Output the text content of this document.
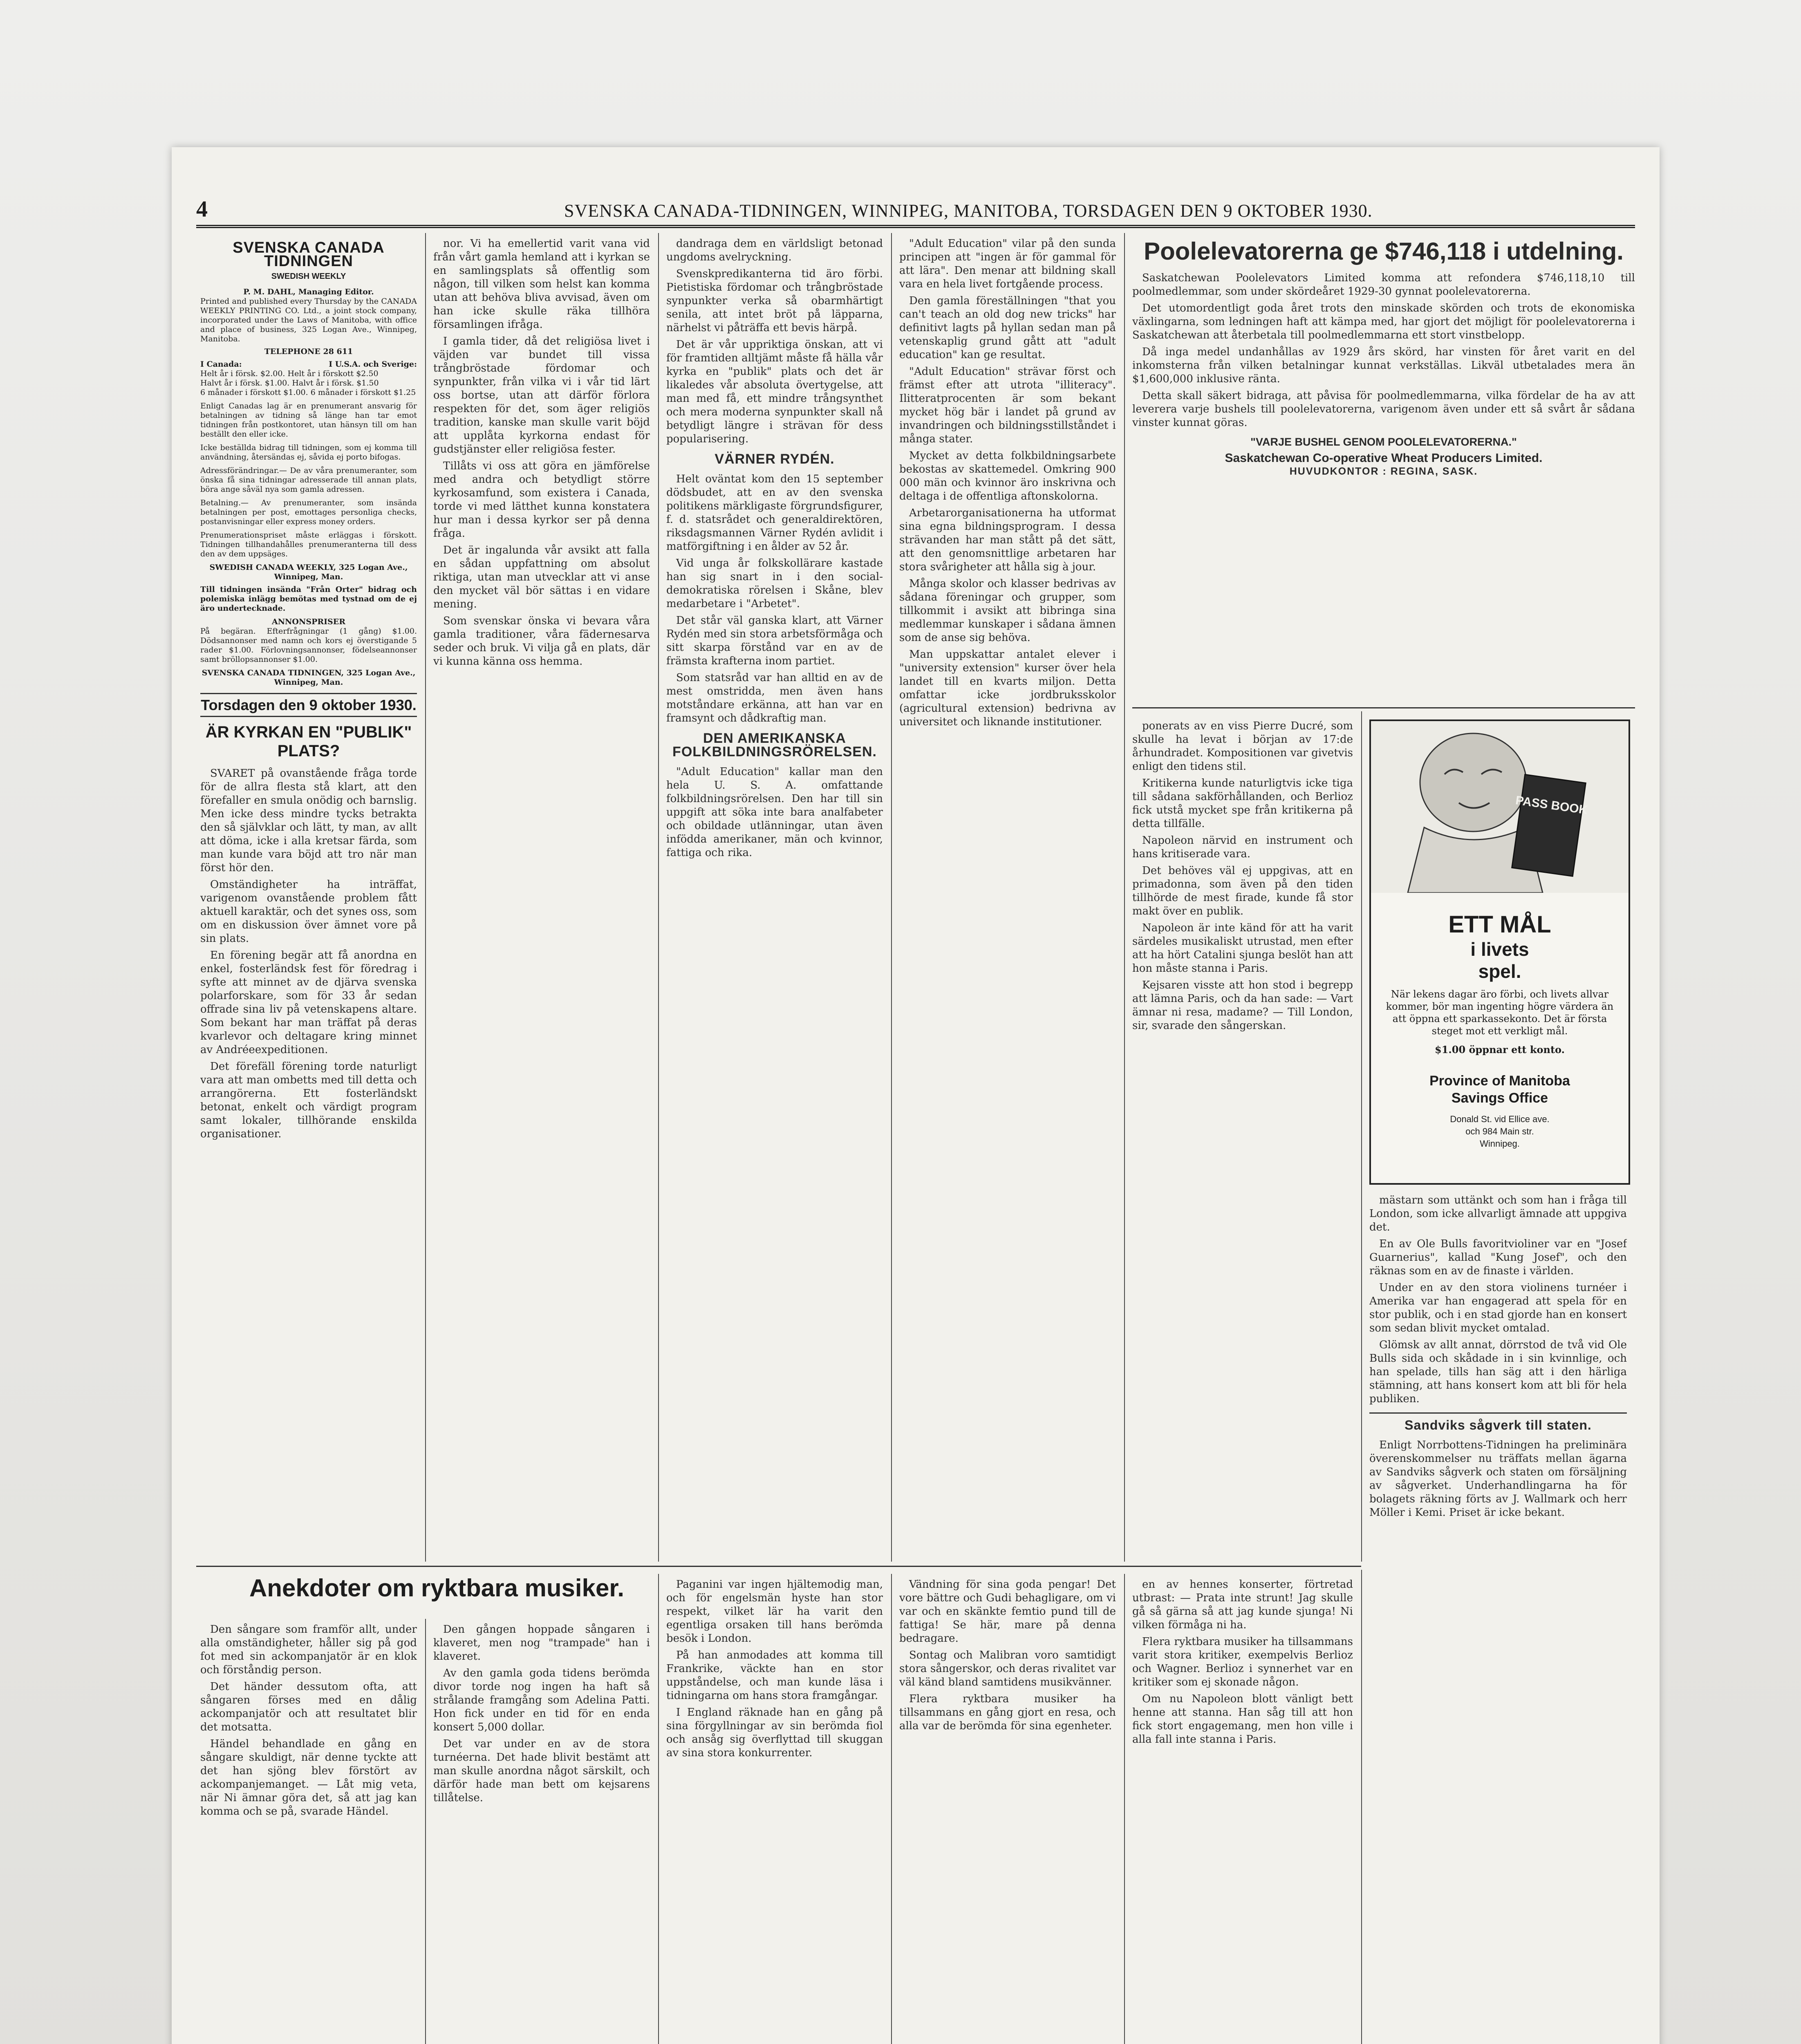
4	SVENSKA CANADA-TIDNINGEN, WINNIPEG, MANITOBA, TORSDAGEN DEN 9 OKTOBER 1930.
SVENSKA CANADA TIDNINGEN
SWEDISH WEEKLY
P. M. DAHL, Managing Editor.
Printed and published every Thursday by the CANADA WEEKLY PRINTING CO. Ltd., a joint stock company, incorporated under the Laws of Manitoba, with office and place of business, 325 Logan Ave., Winnipeg, Manitoba.
TELEPHONE 28 611
I Canada:	I U.S.A. och Sverige:
Helt år i försk. $2.00. Helt år i förskott $2.50
Halvt år i försk. $1.00. Halvt år i försk. $1.50
6 månader i förskott $1.00. 6 månader i förskott $1.25
Enligt Canadas lag är en prenumerant ansvarig för betalningen av tidning så länge han tar emot tidningen från postkontoret, utan hänsyn till om han beställt den eller icke.
Icke beställda bidrag till tidningen, som ej komma till användning, återsändas ej, såvida ej porto bifogas.
Adressförändringar.— De av våra prenumeranter, som önska få sina tidningar adresserade till annan plats, böra ange såväl nya som gamla adressen.
Betalning.— Av prenumeranter, som insända betalningen per post, emottages personliga checks, postanvisningar eller express money orders.
Prenumerationspriset måste erläggas i förskott. Tidningen tillhandahålles prenumeranterna till dess den av dem uppsäges.
SWEDISH CANADA WEEKLY, 325 Logan Ave., Winnipeg, Man.
Till tidningen insända "Från Orter" bidrag och polemiska inlägg bemötas med tystnad om de ej äro undertecknade.
ANNONSPRISER
På begäran. Efterfrågningar (1 gång) $1.00. Dödsannonser med namn och kors ej överstigande 5 rader $1.00. Förlovningsannonser, födelseannonser samt bröllopsannonser $1.00.
SVENSKA CANADA TIDNINGEN, 325 Logan Ave., Winnipeg, Man.
Torsdagen den 9 oktober 1930.
ÄR KYRKAN EN "PUBLIK" PLATS?

SVARET på ovanstående fråga torde för de allra flesta stå klart, att den förefaller en smula onödig och barnslig. Men icke dess mindre tycks betrakta den så självklar och lätt, ty man, av allt att döma, icke i alla kretsar färda, som man kunde vara böjd att tro när man först hör den.

Omständigheter ha inträffat, varigenom ovanstående problem fått aktuell karaktär, och det synes oss, som om en diskussion över ämnet vore på sin plats.

En förening begär att få anordna en enkel, fosterländsk fest för föredrag i syfte att minnet av de djärva svenska polarforskare, som för 33 år sedan offrade sina liv på vetenskapens altare. Som bekant har man träffat på deras kvarlevor och deltagare kring minnet av Andréeexpeditionen.

Det förefäll förening torde naturligt vara att man ombetts med till detta och arrangörerna. Ett fosterländskt betonat, enkelt och värdigt program samt lokaler, tillhörande enskilda organisationer.

nor. Vi ha emellertid varit vana vid från vårt gamla hemland att i kyrkan se en samlingsplats så offentlig som någon, till vilken som helst kan komma utan att behöva bliva avvisad, även om han icke skulle räka tillhöra församlingen ifråga.

I gamla tider, då det religiösa livet i väjden var bundet till vissa trångbröstade fördomar och synpunkter, från vilka vi i vår tid lärt oss bortse, utan att därför förlora respekten för det, som äger religiös tradition, kanske man skulle varit böjd att upplåta kyrkorna endast för gudstjänster eller religiösa fester.

Tillåts vi oss att göra en jämförelse med andra och betydligt större kyrkosamfund, som existera i Canada, torde vi med lätthet kunna konstatera hur man i dessa kyrkor ser på denna fråga.

Det är ingalunda vår avsikt att falla en sådan uppfattning om absolut riktiga, utan man utvecklar att vi anse den mycket väl bör sättas i en vidare mening.

Som svenskar önska vi bevara våra gamla traditioner, våra fädernesarva seder och bruk. Vi vilja gå en plats, där vi kunna känna oss hemma.

dandraga dem en världsligt betonad ungdoms avelryckning.

Svenskpredikanterna tid äro förbi. Pietistiska fördomar och trångbröstade synpunkter verka så obarmhärtigt senila, att intet bröt på läpparna, närhelst vi påträffa ett bevis härpå.

Det är vår uppriktiga önskan, att vi för framtiden alltjämt måste få hälla vår kyrka en "publik" plats och det är likaledes vår absoluta övertygelse, att man med få, ett mindre trångsynthet och mera moderna synpunkter skall nå betydligt längre i strävan för dess popularisering.

VÄRNER RYDÉN.

Helt oväntat kom den 15 september dödsbudet, att en av den svenska politikens märkligaste förgrundsfigurer, f. d. statsrådet och generaldirektören, riksdagsmannen Värner Rydén avlidit i matförgiftning i en ålder av 52 år.

Vid unga år folkskollärare kastade han sig snart in i den social-demokratiska rörelsen i Skåne, blev medarbetare i "Arbetet".

Det står väl ganska klart, att Värner Rydén med sin stora arbetsförmåga och sitt skarpa förstånd var en av de främsta krafterna inom partiet.

Som statsråd var han alltid en av de mest omstridda, men även hans motståndare erkänna, att han var en framsynt och dådkraftig man.

DEN AMERIKANSKA FOLKBILDNINGSRÖRELSEN.

"Adult Education" kallar man den hela U. S. A. omfattande folkbildningsrörelsen. Den har till sin uppgift att söka inte bara analfabeter och obildade utlänningar, utan även infödda amerikaner, män och kvinnor, fattiga och rika.

"Adult Education" vilar på den sunda principen att "ingen är för gammal för att lära". Den menar att bildning skall vara en hela livet fortgående process.

Den gamla föreställningen "that you can't teach an old dog new tricks" har definitivt lagts på hyllan sedan man på vetenskaplig grund gått att "adult education" kan ge resultat.

"Adult Education" strävar först och främst efter att utrota "illiteracy". Ilitteratprocenten är som bekant mycket hög bär i landet på grund av invandringen och bildningsstillståndet i många stater.

Mycket av detta folkbildningsarbete bekostas av skattemedel. Omkring 900 000 män och kvinnor äro inskrivna och deltaga i de offentliga aftonskolorna.

Arbetarorganisationerna ha utformat sina egna bildningsprogram. I dessa strävanden har man stått på det sätt, att den genomsnittlige arbetaren har stora svårigheter att hålla sig à jour.

Många skolor och klasser bedrivas av sådana föreningar och grupper, som tillkommit i avsikt att bibringa sina medlemmar kunskaper i sådana ämnen som de anse sig behöva.

Man uppskattar antalet elever i "university extension" kurser över hela landet till en kvarts miljon. Detta omfattar icke jordbruksskolor (agricultural extension) bedrivna av universitet och liknande institutioner.

Poolelevatorerna ge $746,118 i utdelning.

Saskatchewan Poolelevators Limited komma att refondera $746,118,10 till poolmedlemmar, som under skördeåret 1929-30 gynnat poolelevatorerna.

Det utomordentligt goda året trots den minskade skörden och trots de ekonomiska växlingarna, som ledningen haft att kämpa med, har gjort det möjligt för poolelevatorerna i Saskatchewan att återbetala till poolmedlemmarna ett stort vinstbelopp.

Då inga medel undanhållas av 1929 års skörd, har vinsten för året varit en del inkomsterna från vilken betalningar kunnat verkställas. Likväl utbetalades mera än $1,600,000 inklusive ränta.

Detta skall säkert bidraga, att påvisa för poolmedlemmarna, vilka fördelar de ha av att leverera varje bushels till poolelevatorerna, varigenom även under ett så svårt år sådana vinster kunnat göras.

"VARJE BUSHEL GENOM POOLELEVATORERNA."
Saskatchewan Co-operative Wheat Producers Limited.
HUVUDKONTOR : REGINA, SASK.

ponerats av en viss Pierre Ducré, som skulle ha levat i början av 17:de århundradet. Kompositionen var givetvis enligt den tidens stil.

Kritikerna kunde naturligtvis icke tiga till sådana sakförhållanden, och Berlioz fick utstå mycket spe från kritikerna på detta tillfälle.

Napoleon närvid en instrument och hans kritiserade vara.

Det behöves väl ej uppgivas, att en primadonna, som även på den tiden tillhörde de mest firade, kunde få stor makt över en publik.

Napoleon är inte känd för att ha varit särdeles musikaliskt utrustad, men efter att ha hört Catalini sjunga beslöt han att hon måste stanna i Paris.

Kejsaren visste att hon stod i begrepp att lämna Paris, och da han sade: — Vart ämnar ni resa, madame? — Till London, sir, svarade den sångerskan.

PASS BOOK
ETT MÅL
i livets
spel.
När lekens dagar äro förbi, och livets allvar kommer, bör man ingenting högre värdera än att öppna ett sparkassekonto. Det är första steget mot ett verkligt mål.
$1.00 öppnar ett konto.
Province of Manitoba
Savings Office
Donald St. vid Ellice ave.
och 984 Main str.
Winnipeg.

mästarn som uttänkt och som han i fråga till London, som icke allvarligt ämnade att uppgiva det.

En av Ole Bulls favoritvioliner var en "Josef Guarnerius", kallad "Kung Josef", och den räknas som en av de finaste i världen.

Under en av den stora violinens turnéer i Amerika var han engagerad att spela för en stor publik, och i en stad gjorde han en konsert som sedan blivit mycket omtalad.

Glömsk av allt annat, dörrstod de två vid Ole Bulls sida och skådade in i sin kvinnlige, och han spelade, tills han säg att i den härliga stämning, att hans konsert kom att bli för hela publiken.

Sandviks sågverk till staten.

Enligt Norrbottens-Tidningen ha preliminära överenskommelser nu träffats mellan ägarna av Sandviks sågverk och staten om försäljning av sågverket. Underhandlingarna ha för bolagets räkning förts av J. Wallmark och herr Möller i Kemi. Priset är icke bekant.

Anekdoter om ryktbara musiker.

Den sångare som framför allt, under alla omständigheter, håller sig på god fot med sin ackompanjatör är en klok och förståndig person.

Det händer dessutom ofta, att sångaren förses med en dålig ackompanjatör och att resultatet blir det motsatta.

Händel behandlade en gång en sångare skuldigt, när denne tyckte att det han sjöng blev förstört av ackompanjemanget. — Låt mig veta, när Ni ämnar göra det, så att jag kan komma och se på, svarade Händel.

Den gången hoppade sångaren i klaveret, men nog "trampade" han i klaveret.

Av den gamla goda tidens berömda divor torde nog ingen ha haft så strålande framgång som Adelina Patti. Hon fick under en tid för en enda konsert 5,000 dollar.

Det var under en av de stora turnéerna. Det hade blivit bestämt att man skulle anordna något särskilt, och därför hade man bett om kejsarens tillåtelse.

Paganini var ingen hjältemodig man, och för engelsmän hyste han stor respekt, vilket lär ha varit den egentliga orsaken till hans berömda besök i London.

På han anmodades att komma till Frankrike, väckte han en stor uppståndelse, och man kunde läsa i tidningarna om hans stora framgångar.

I England räknade han en gång på sina förgyllningar av sin berömda fiol och ansåg sig överflyttad till skuggan av sina stora konkurrenter.

Vändning för sina goda pengar! Det vore bättre och Gudi behagligare, om vi var och en skänkte femtio pund till de fattiga! Se här, mare på denna bedragare.

Sontag och Malibran voro samtidigt stora sångerskor, och deras rivalitet var väl känd bland samtidens musikvänner.

Flera ryktbara musiker ha tillsammans en gång gjort en resa, och alla var de berömda för sina egenheter.

en av hennes konserter, förtretad utbrast: — Prata inte strunt! Jag skulle gå så gärna så att jag kunde sjunga! Ni vilken förmåga ni ha.

Flera ryktbara musiker ha tillsammans varit stora kritiker, exempelvis Berlioz och Wagner. Berlioz i synnerhet var en kritiker som ej skonade någon.

Om nu Napoleon blott vänligt bett henne att stanna. Han såg till att hon fick stort engagemang, men hon ville i alla fall inte stanna i Paris.
